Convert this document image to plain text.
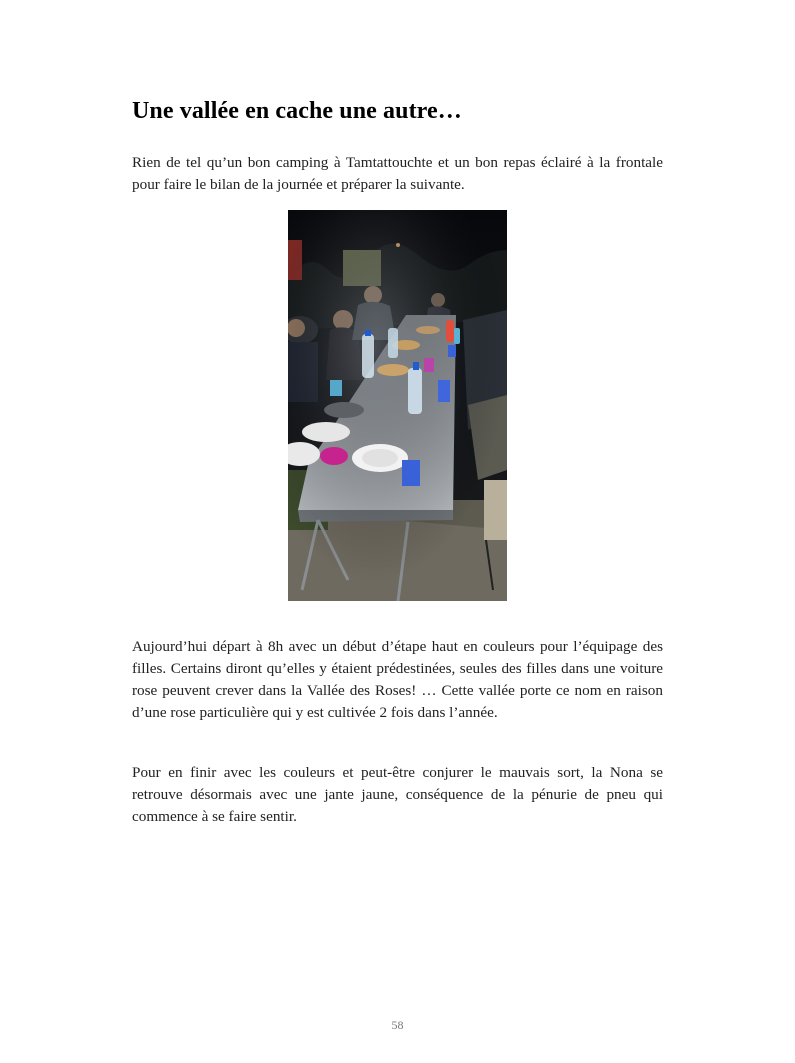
Une vallée en cache une autre…

Rien de tel qu’un bon camping à Tamtattouchte et un bon repas éclairé à la frontale pour faire le bilan de la journée et préparer la suivante.

Aujourd’hui départ à 8h avec un début d’étape haut en couleurs pour l’équipage des filles. Certains diront qu’elles y étaient prédestinées, seules des filles dans une voiture rose peuvent crever dans la Vallée des Roses! … Cette vallée porte ce nom en raison d’une rose particulière qui y est cultivée 2 fois dans l’année.

Pour en finir avec les couleurs et peut-être conjurer le mauvais sort, la Nona se retrouve désormais avec une jante jaune, conséquence de la pénurie de pneu qui commence à se faire sentir.

58
